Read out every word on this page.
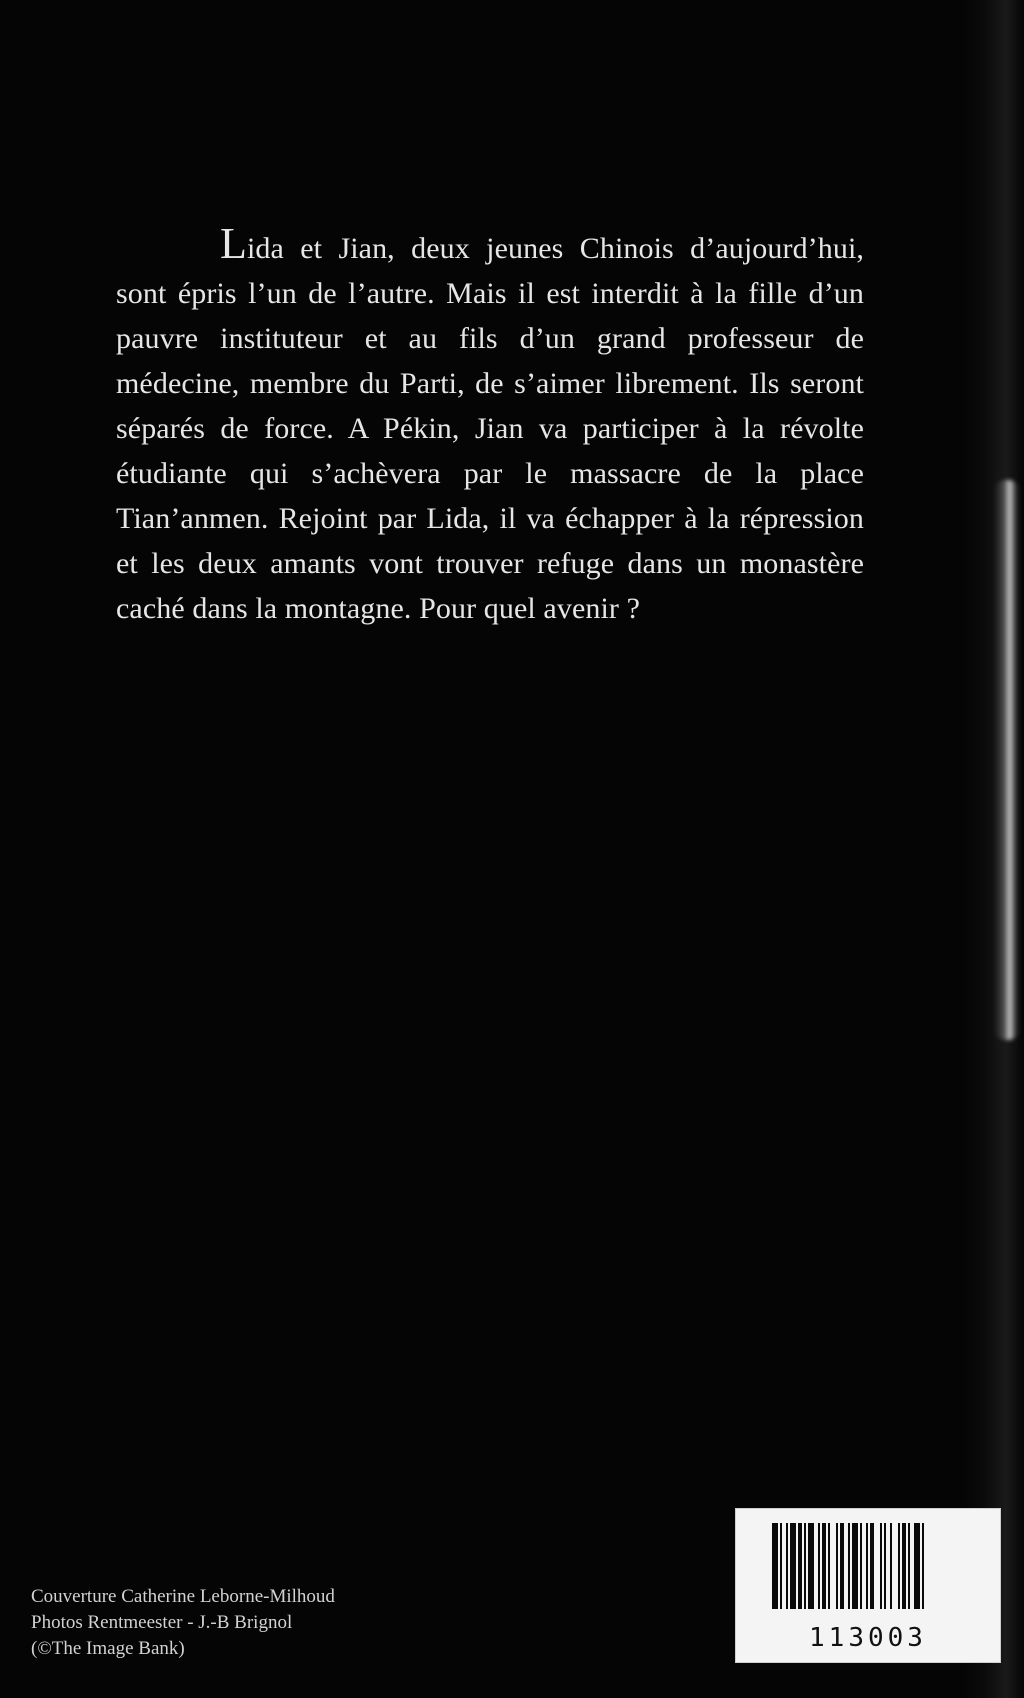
Lida et Jian, deux jeunes Chinois d’aujourd’hui, sont épris l’un de l’autre. Mais il est interdit à la fille d’un pauvre instituteur et au fils d’un grand professeur de médecine, membre du Parti, de s’aimer librement. Ils seront séparés de force. A Pékin, Jian va participer à la révolte étudiante qui s’achèvera par le massacre de la place Tian’anmen. Rejoint par Lida, il va échapper à la répression et les deux amants vont trouver refuge dans un monastère caché dans la montagne. Pour quel avenir ?

Couverture Catherine Leborne-Milhoud
Photos Rentmeester - J.-B Brignol
(©The Image Bank)	113003
